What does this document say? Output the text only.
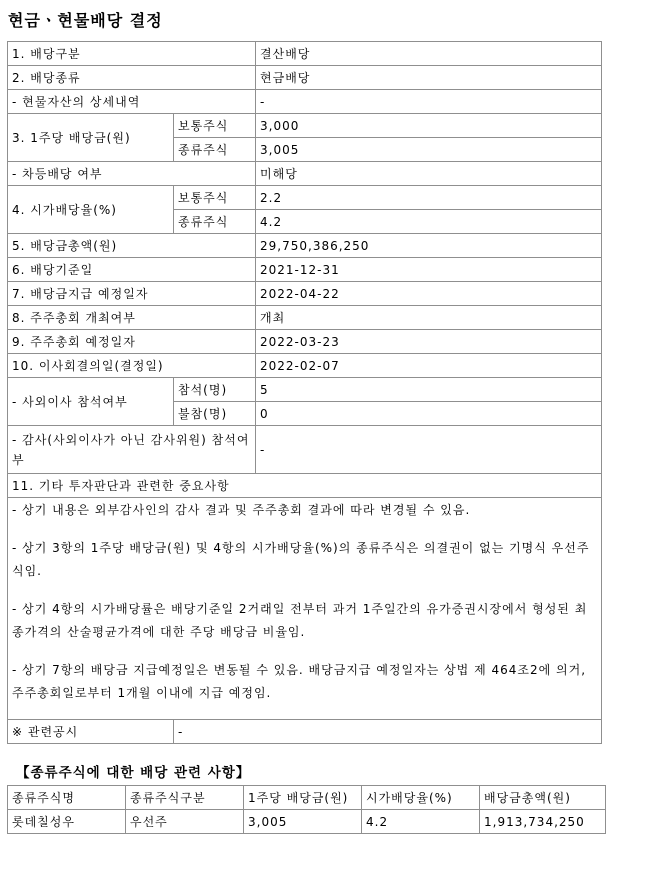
현금ㆍ현물배당 결정
1. 배당구분		결산배당
2. 배당종류		현금배당
- 현물자산의 상세내역		-
3. 1주당 배당금(원)	보통주식	3,000
	종류주식	3,005
- 차등배당 여부		미해당
4. 시가배당율(%)	보통주식	2.2
	종류주식	4.2
5. 배당금총액(원)		29,750,386,250
6. 배당기준일		2021-12-31
7. 배당금지급 예정일자		2022-04-22
8. 주주총회 개최여부		개최
9. 주주총회 예정일자		2022-03-23
10. 이사회결의일(결정일)		2022-02-07
- 사외이사 참석여부	참석(명)	5
	불참(명)	0
- 감사(사외이사가 아닌 감사위원) 참석여부		-
11. 기타 투자판단과 관련한 중요사항		

- 상기 내용은 외부감사인의 감사 결과 및 주주총회 결과에 따라 변경될 수 있음.
- 상기 3항의 1주당 배당금(원) 및 4항의 시가배당율(%)의 종류주식은 의결권이 없는 기명식 우선주식임.
- 상기 4항의 시가배당률은 배당기준일 2거래일 전부터 과거 1주일간의 유가증권시장에서 형성된 최종가격의 산술평균가격에 대한 주당 배당금 비율임.
- 상기 7항의 배당금 지급예정일은 변동될 수 있음. 배당금지급 예정일자는 상법 제 464조2에 의거, 주주총회일로부터 1개월 이내에 지급 예정임.		

※ 관련공시	-	
【종류주식에 대한 배당 관련 사항】
종류주식명	종류주식구분	1주당 배당금(원)	시가배당율(%)	배당금총액(원)
롯데칠성우	우선주	3,005	4.2	1,913,734,250
